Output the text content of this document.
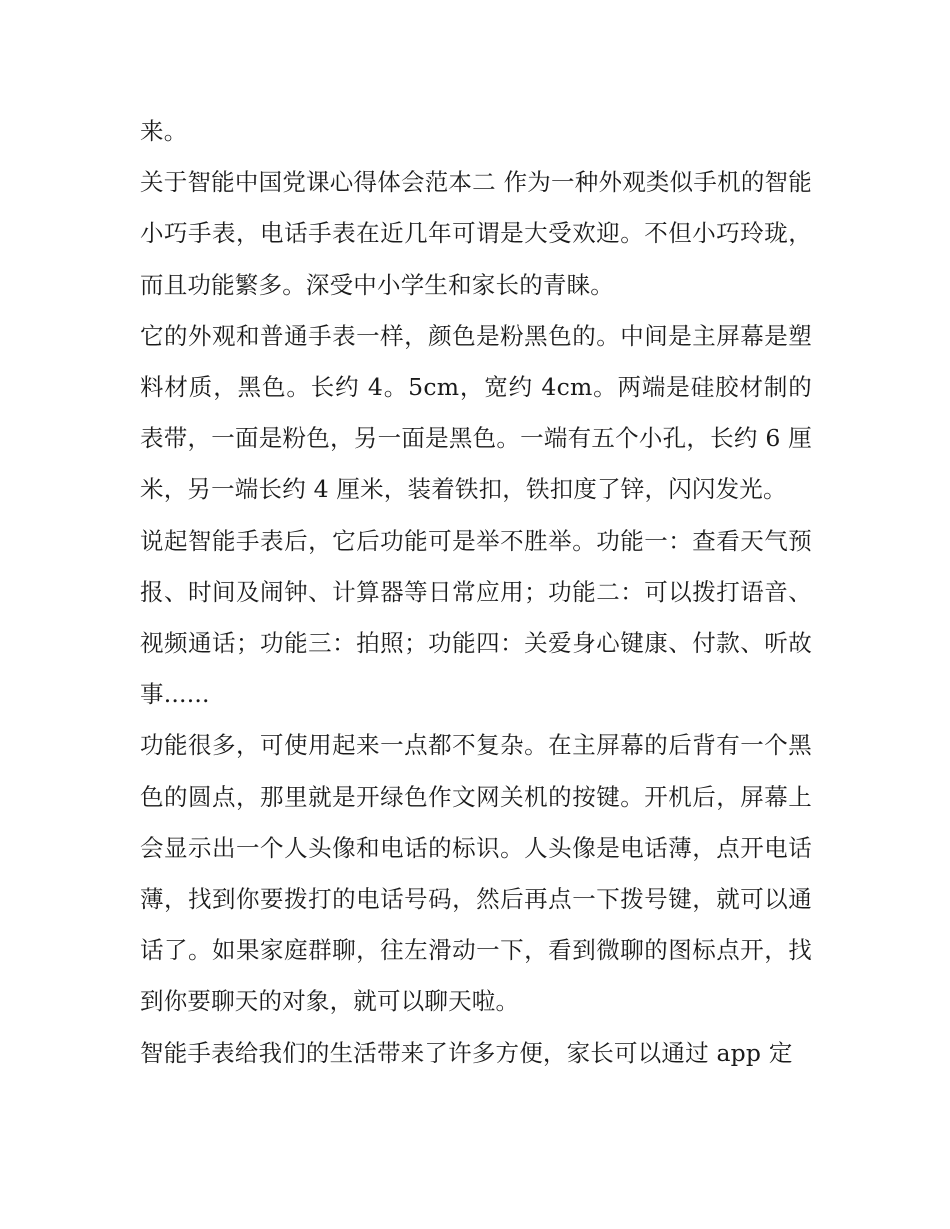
来。

关于智能中国党课心得体会范本二 作为一种外观类似手机的智能小巧手表，电话手表在近几年可谓是大受欢迎。不但小巧玲珑，而且功能繁多。深受中小学生和家长的青睐。

它的外观和普通手表一样，颜色是粉黑色的。中间是主屏幕是塑料材质，黑色。长约 4。5cm，宽约 4cm。两端是硅胶材制的表带，一面是粉色，另一面是黑色。一端有五个小孔，长约 6 厘米，另一端长约 4 厘米，装着铁扣，铁扣度了锌，闪闪发光。

说起智能手表后，它后功能可是举不胜举。功能一：查看天气预报、时间及闹钟、计算器等日常应用；功能二：可以拨打语音、视频通话；功能三：拍照；功能四：关爱身心键康、付款、听故事......

功能很多，可使用起来一点都不复杂。在主屏幕的后背有一个黑色的圆点，那里就是开绿色作文网关机的按键。开机后，屏幕上会显示出一个人头像和电话的标识。人头像是电话薄，点开电话薄，找到你要拨打的电话号码，然后再点一下拨号键，就可以通话了。如果家庭群聊，往左滑动一下，看到微聊的图标点开，找到你要聊天的对象，就可以聊天啦。

智能手表给我们的生活带来了许多方便，家长可以通过 app 定
